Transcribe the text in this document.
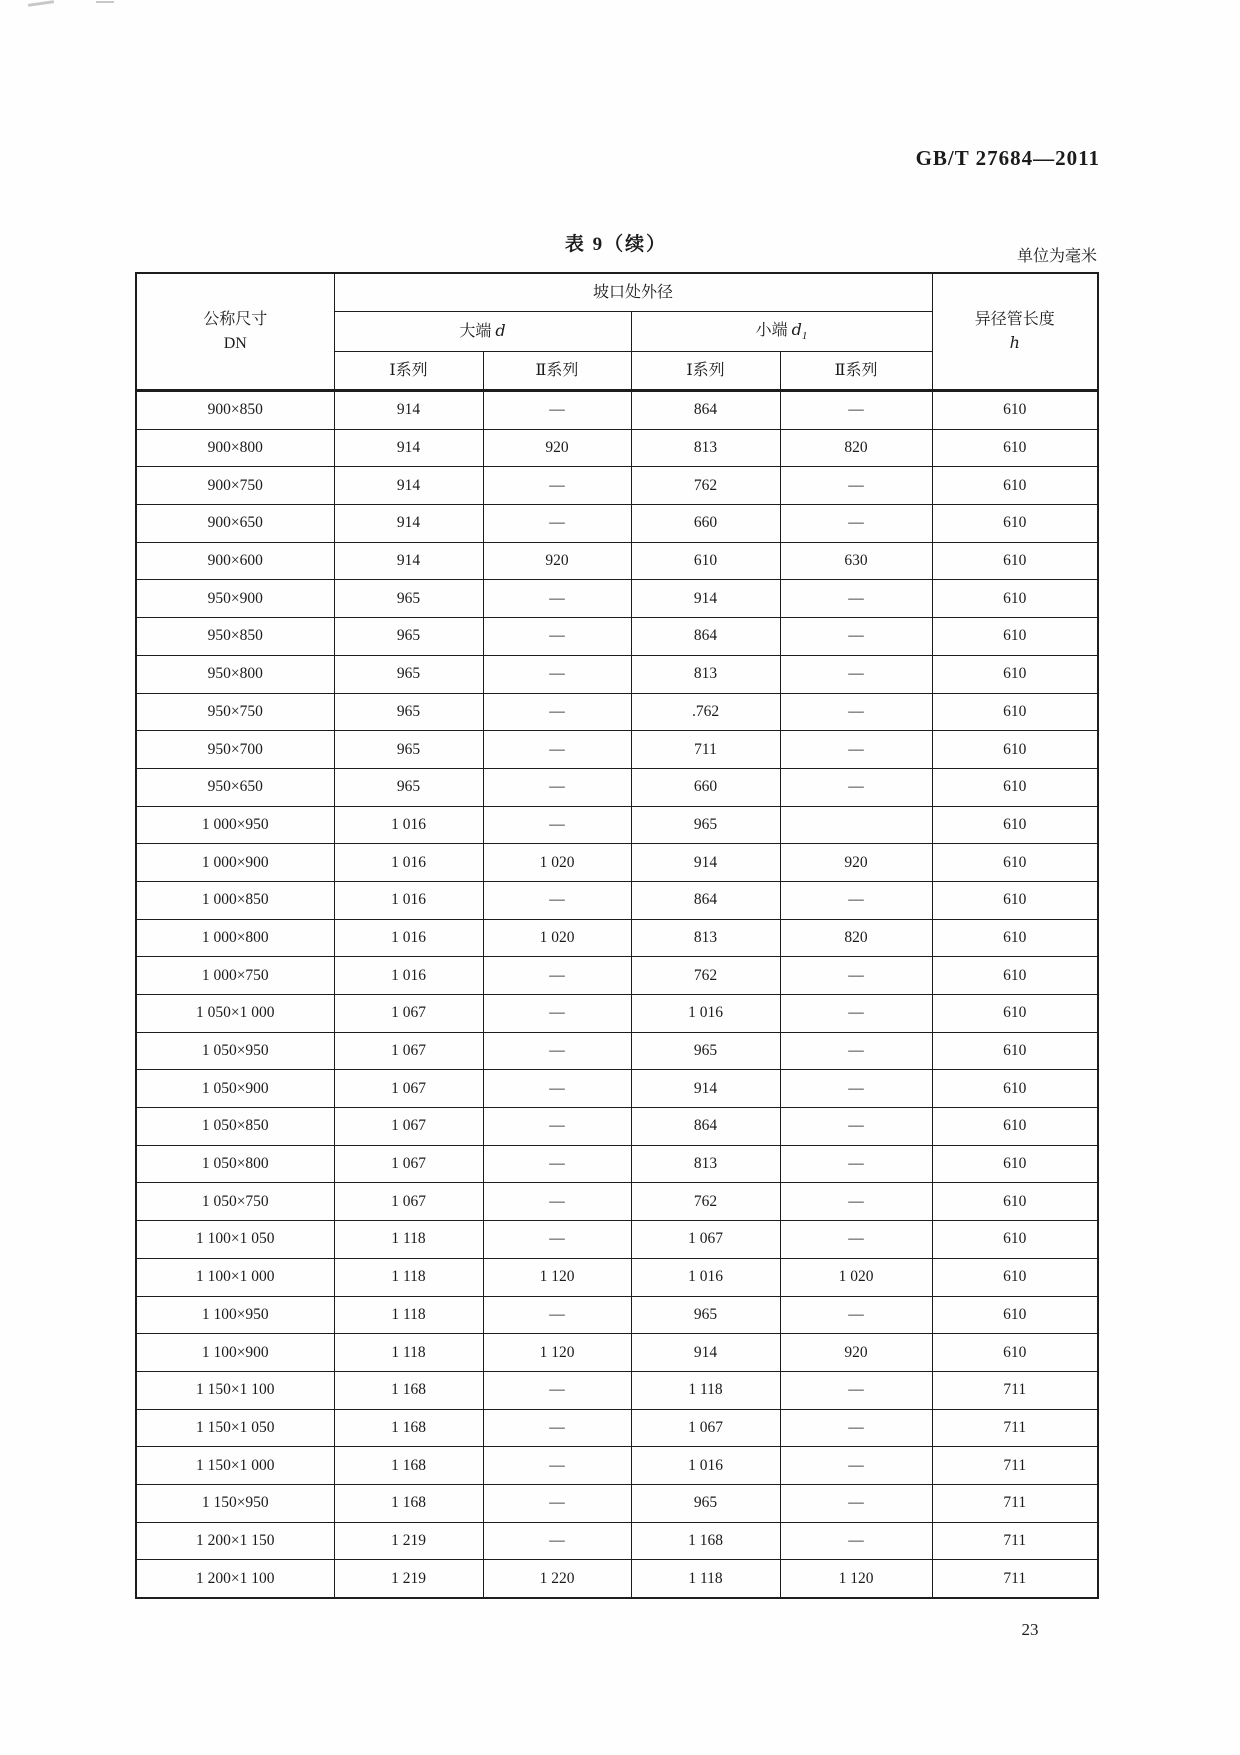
GB/T 27684—2011
表 9（续）
单位为毫米
公称尺寸
DN	坡口处外径				异径管长度
h
	大端 d		小端 $d_1$
	Ⅰ系列	Ⅱ系列	Ⅰ系列	Ⅱ系列	
900×850	914	—	864	—	610
900×800	914	920	813	820	610
900×750	914	—	762	—	610
900×650	914	—	660	—	610
900×600	914	920	610	630	610
950×900	965	—	914	—	610
950×850	965	—	864	—	610
950×800	965	—	813	—	610
950×750	965	—	.762	—	610
950×700	965	—	711	—	610
950×650	965	—	660	—	610
1 000×950	1 016	—	965		610
1 000×900	1 016	1 020	914	920	610
1 000×850	1 016	—	864	—	610
1 000×800	1 016	1 020	813	820	610
1 000×750	1 016	—	762	—	610
1 050×1 000	1 067	—	1 016	—	610
1 050×950	1 067	—	965	—	610
1 050×900	1 067	—	914	—	610
1 050×850	1 067	—	864	—	610
1 050×800	1 067	—	813	—	610
1 050×750	1 067	—	762	—	610
1 100×1 050	1 118	—	1 067	—	610
1 100×1 000	1 118	1 120	1 016	1 020	610
1 100×950	1 118	—	965	—	610
1 100×900	1 118	1 120	914	920	610
1 150×1 100	1 168	—	1 118	—	711
1 150×1 050	1 168	—	1 067	—	711
1 150×1 000	1 168	—	1 016	—	711
1 150×950	1 168	—	965	—	711
1 200×1 150	1 219	—	1 168	—	711
1 200×1 100	1 219	1 220	1 118	1 120	711
23
